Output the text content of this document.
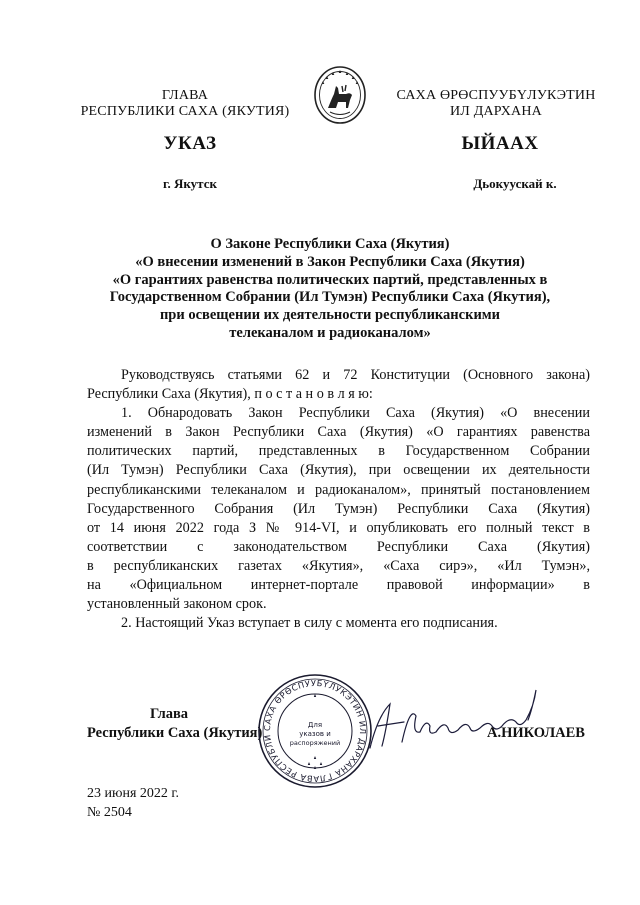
ГЛАВА
РЕСПУБЛИКИ САХА (ЯКУТИЯ)
САХА ӨРӨСПУУБҮЛУКЭТИН
ИЛ ДАРХАНА
УКАЗ	ЫЙААХ
г. Якутск	Дьокуускай к.
О Законе Республики Саха (Якутия)
«О внесении изменений в Закон Республики Саха (Якутия)
«О гарантиях равенства политических партий, представленных в
Государственном Собрании (Ил Тумэн) Республики Саха (Якутия),
при освещении их деятельности республиканскими
телеканалом и радиоканалом»
Руководствуясь статьями 62 и 72 Конституции (Основного закона)
Республики Саха (Якутия), п о с т а н о в л я ю:
1. Обнародовать Закон Республики Саха (Якутия) «О внесении
изменений в Закон Республики Саха (Якутия) «О гарантиях равенства
политических партий, представленных в Государственном Собрании
(Ил Тумэн) Республики Саха (Якутия), при освещении их деятельности
республиканскими телеканалом и радиоканалом», принятый постановлением
Государственного Собрания (Ил Тумэн) Республики Саха (Якутия)
от 14 июня 2022 года З № 914-VI, и опубликовать его полный текст в
соответствии с законодательством Республики Саха (Якутия)
в республиканских газетах «Якутия», «Саха сирэ», «Ил Тумэн»,
на «Официальном интернет-портале правовой информации» в
установленный законом срок.
2. Настоящий Указ вступает в силу с момента его подписания.
Глава
Республики Саха (Якутия) САХА ӨРӨСПУУБҮЛУКЭТИН ИЛ ДАРХАНА ГЛАВА РЕСПУБЛИ
Для
указов и
распоряжений
А.НИКОЛАЕВ
23 июня 2022 г.
№ 2504
